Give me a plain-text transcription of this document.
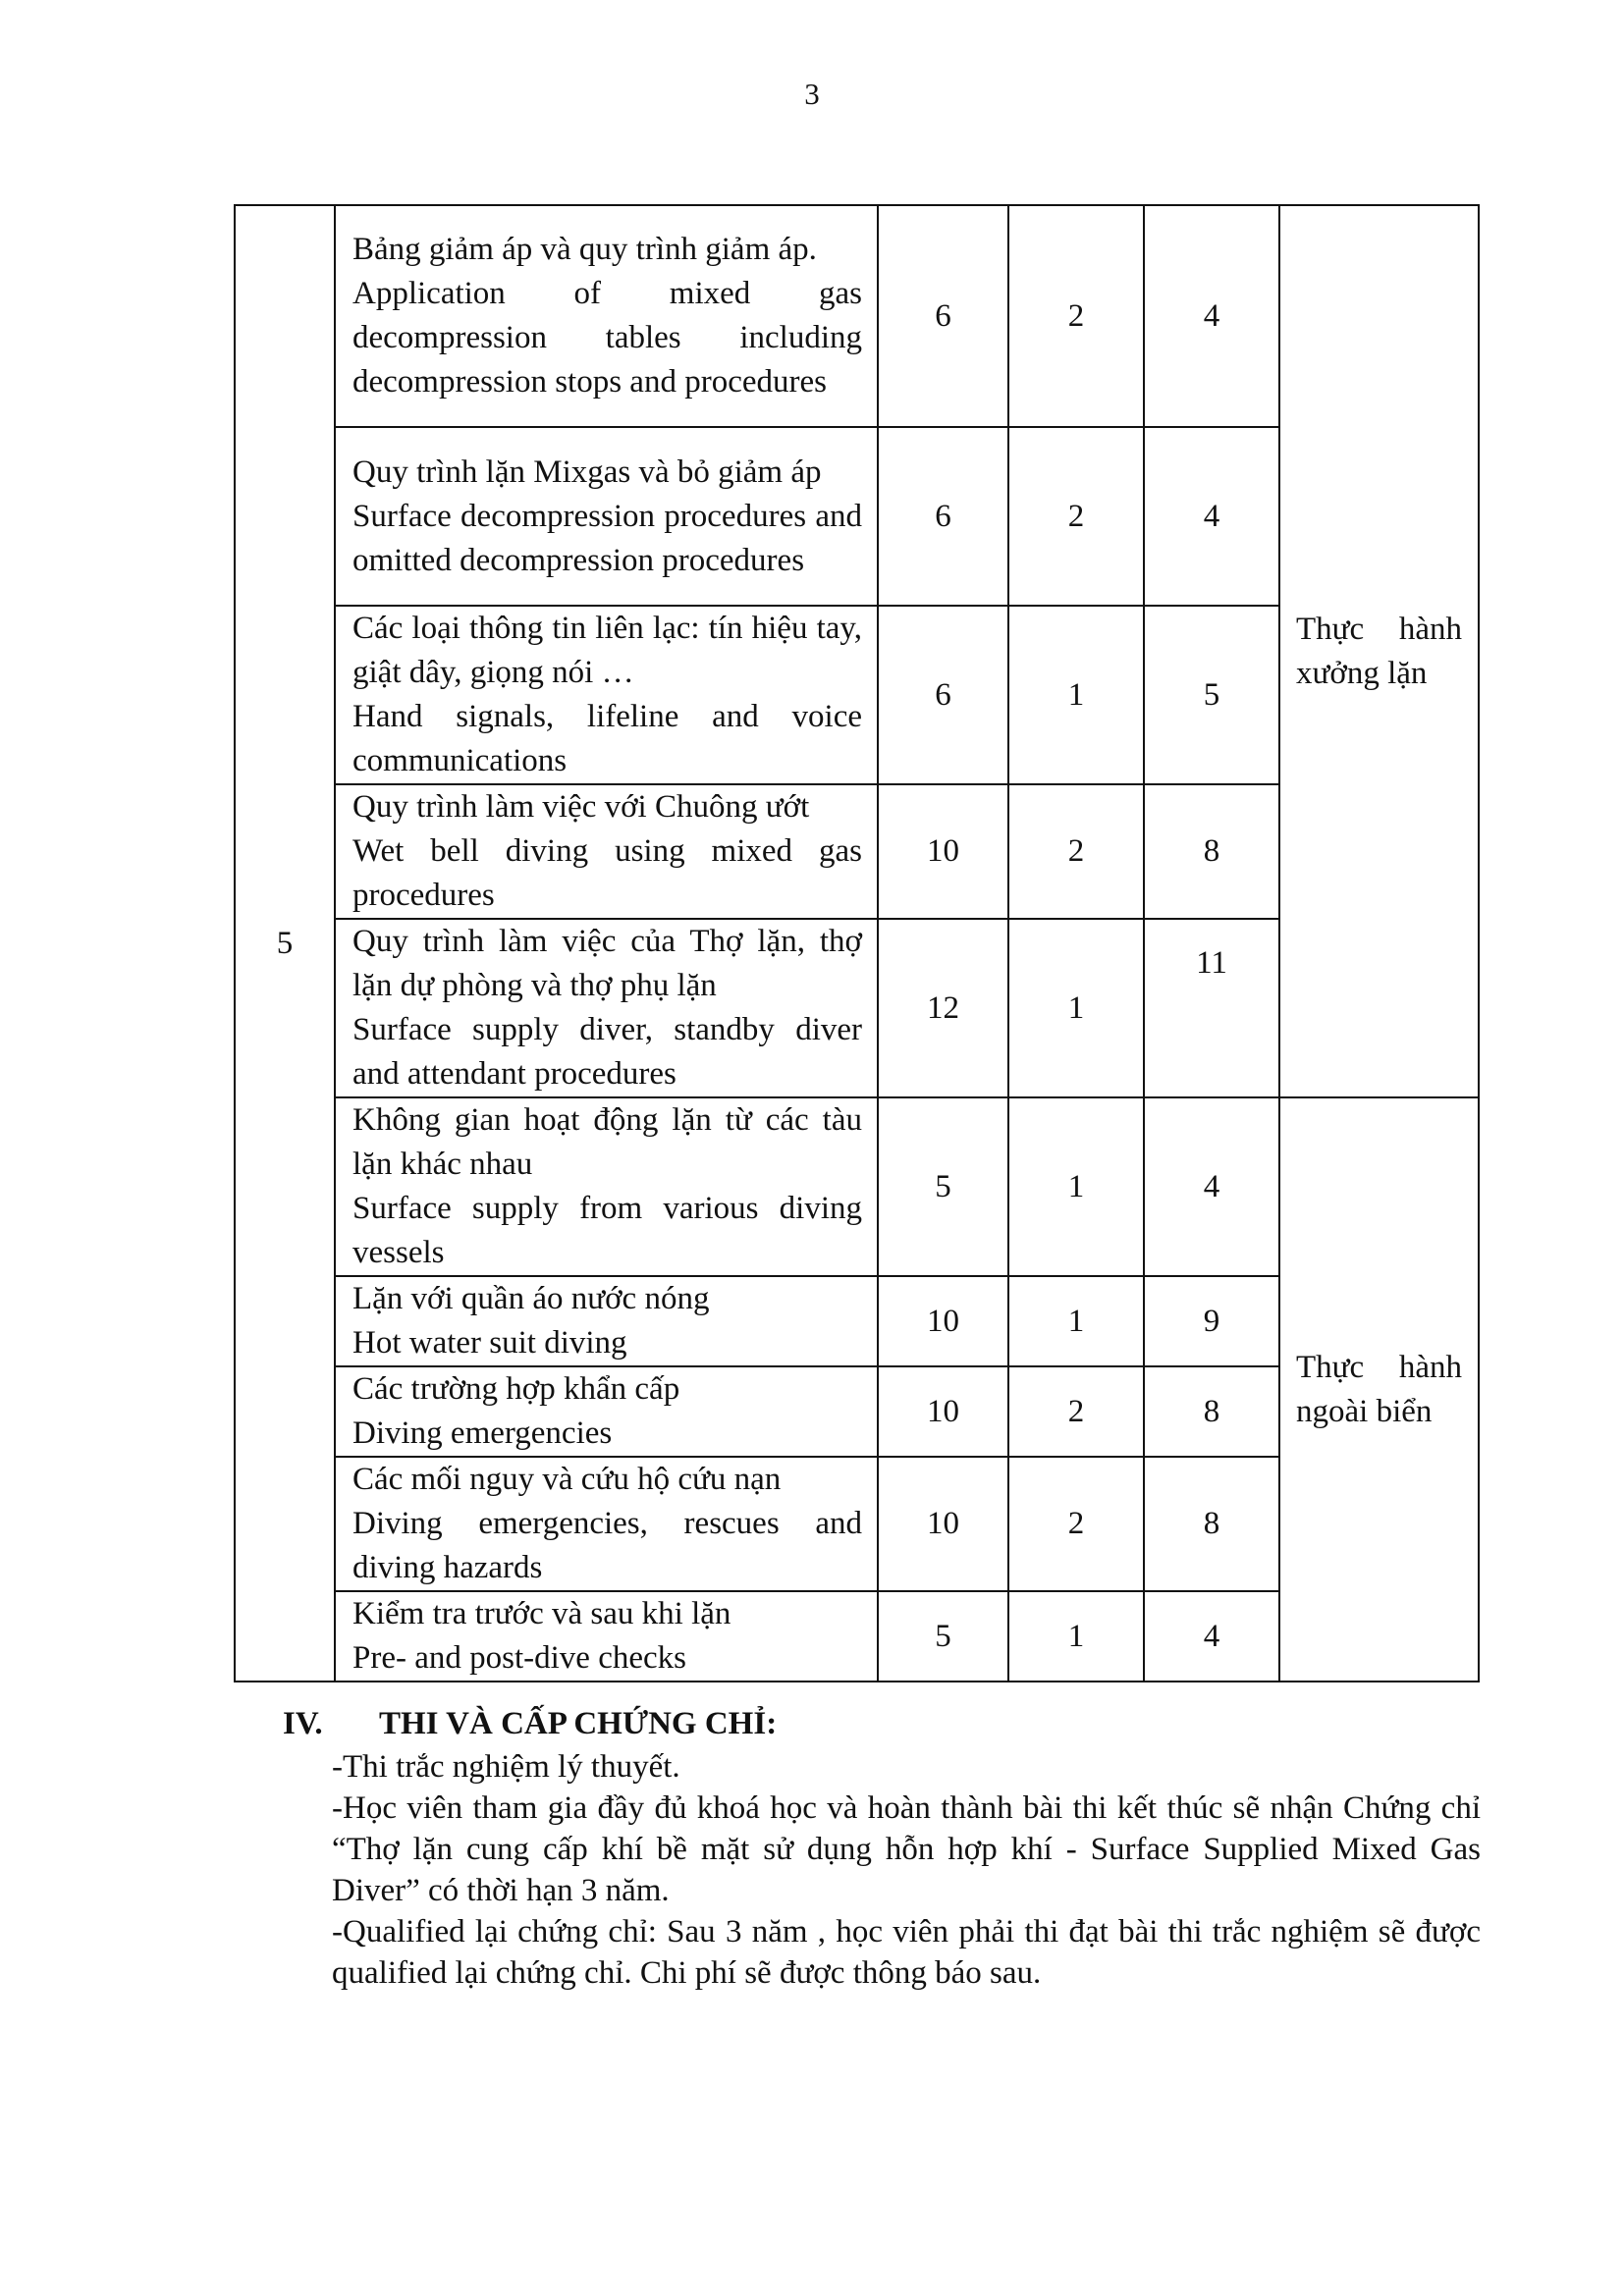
3
5	Bảng giảm áp và quy trình giảm áp.
Application of mixed gas decompression tables including decompression stops and procedures	6	2	4	Thực hành xưởng lặn

	Quy trình lặn Mixgas và bỏ giảm áp
Surface decompression procedures and omitted decompression procedures	6	2	4	

	Các loại thông tin liên lạc: tín hiệu tay, giật dây, giọng nói …
Hand signals, lifeline and voice communications	6	1	5	

	Quy trình làm việc với Chuông ướt
Wet bell diving using mixed gas procedures	10	2	8	

	Quy trình làm việc của Thợ lặn, thợ lặn dự phòng và thợ phụ lặn
Surface supply diver, standby diver and attendant procedures	12	1	11	

	Không gian hoạt động lặn từ các tàu lặn khác nhau
Surface supply from various diving vessels	5	1	4	Thực hành ngoài biển

	Lặn với quần áo nước nóng
Hot water suit diving	10	1	9	

	Các trường hợp khẩn cấp
Diving emergencies	10	2	8	

	Các mối nguy và cứu hộ cứu nạn
Diving emergencies, rescues and diving hazards	10	2	8	

	Kiểm tra trước và sau khi lặn
Pre- and post-dive checks	5	1	4	
IV.	THI VÀ CẤP CHỨNG CHỈ:

-Thi trắc nghiệm lý thuyết.

-Học viên tham gia đầy đủ khoá học và hoàn thành bài thi kết thúc sẽ nhận Chứng chỉ “Thợ lặn cung cấp khí bề mặt sử dụng hỗn hợp khí - Surface Supplied Mixed Gas Diver” có thời hạn 3 năm.

-Qualified lại chứng chỉ: Sau 3 năm , học viên phải thi đạt bài thi trắc nghiệm sẽ được qualified lại chứng chỉ. Chi phí sẽ được thông báo sau.
